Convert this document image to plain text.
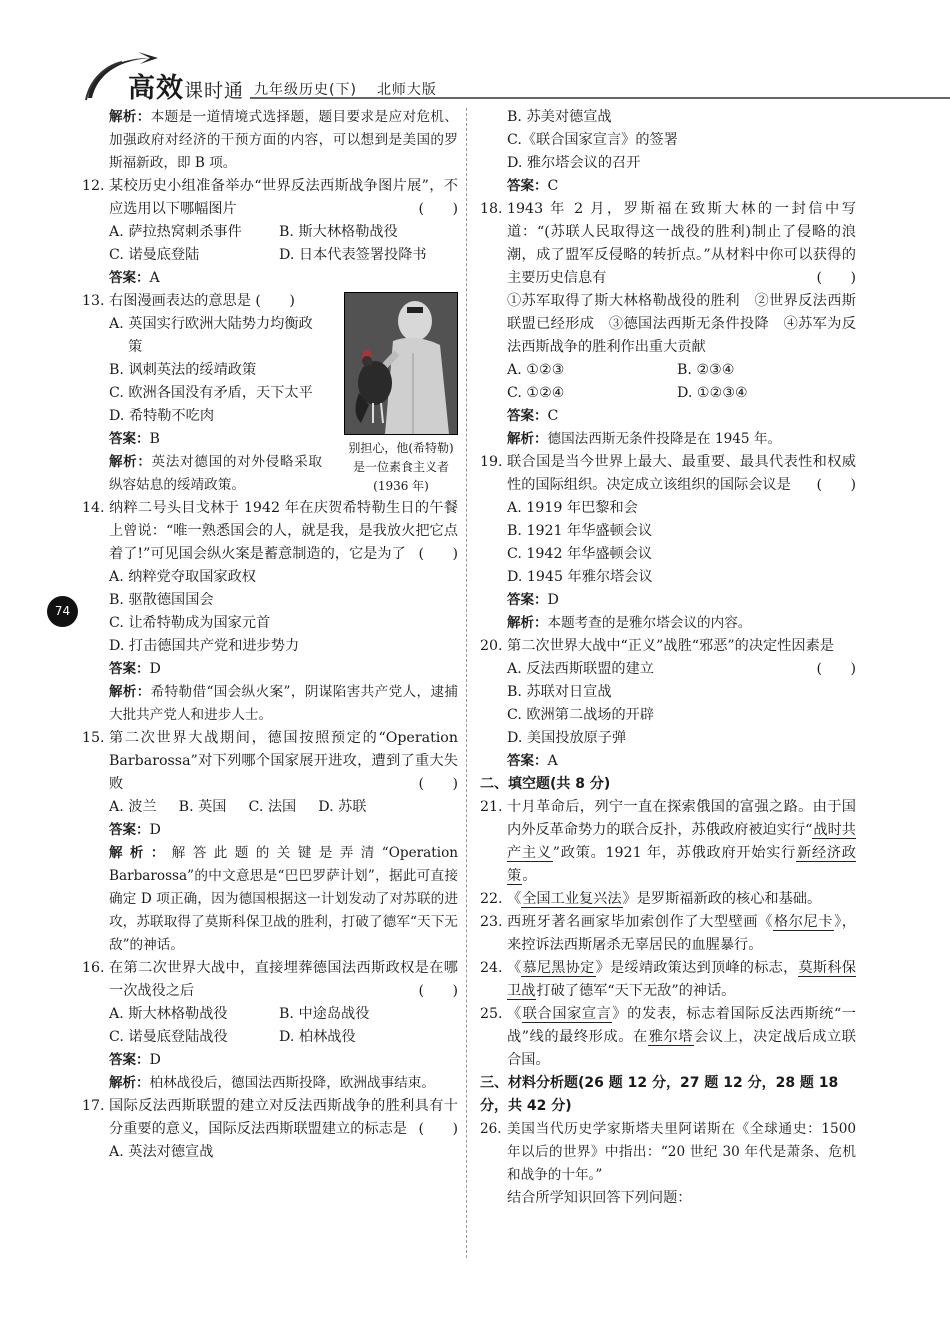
高效课时通 九年级历史(下) 北师大版
74
解析：本题是一道情境式选择题，题目要求是应对危机、加强政府对经济的干预方面的内容，可以想到是美国的罗斯福新政，即 B 项。
12. 某校历史小组准备举办“世界反法西斯战争图片展”，不应选用以下哪幅图片	(　　)
A. 萨拉热窝刺杀事件	B. 斯大林格勒战役
C. 诺曼底登陆	D. 日本代表签署投降书
答案：A
13. 右图漫画表达的意思是 (　　)
A. 英国实行欧洲大陆势力均衡政策
B. 讽刺英法的绥靖政策
C. 欧洲各国没有矛盾，天下太平
D. 希特勒不吃肉
答案：B
解析：英法对德国的对外侵略采取纵容姑息的绥靖政策。
14. 纳粹二号头目戈林于 1942 年在庆贺希特勒生日的午餐上曾说：“唯一熟悉国会的人，就是我，是我放火把它点着了!”可见国会纵火案是蓄意制造的，它是为了 (　　)
A. 纳粹党夺取国家政权
B. 驱散德国国会
C. 让希特勒成为国家元首
D. 打击德国共产党和进步势力
答案：D
解析：希特勒借“国会纵火案”，阴谋陷害共产党人，逮捕大批共产党人和进步人士。
15. 第二次世界大战期间，德国按照预定的“Operation Barbarossa”对下列哪个国家展开进攻，遭到了重大失败	(　　)
A. 波兰 B. 英国 C. 法国 D. 苏联
答案：D
解析：解答此题的关键是弄清“Operation Barbarossa”的中文意思是“巴巴罗萨计划”，据此可直接确定 D 项正确，因为德国根据这一计划发动了对苏联的进攻，苏联取得了莫斯科保卫战的胜利，打破了德军“天下无敌”的神话。
16. 在第二次世界大战中，直接埋葬德国法西斯政权是在哪一次战役之后	(　　)
A. 斯大林格勒战役	B. 中途岛战役
C. 诺曼底登陆战役	D. 柏林战役
答案：D
解析：柏林战役后，德国法西斯投降，欧洲战事结束。
17. 国际反法西斯联盟的建立对反法西斯战争的胜利具有十分重要的意义，国际反法西斯联盟建立的标志是 (　　)
A. 英法对德宣战
别担心，他(希特勒)是一位素食主义者(1936 年)
B. 苏美对德宣战
C.《联合国家宣言》的签署
D. 雅尔塔会议的召开
答案：C
18. 1943 年 2 月，罗斯福在致斯大林的一封信中写道：“(苏联人民取得这一战役的胜利)制止了侵略的浪潮，成了盟军反侵略的转折点。”从材料中你可以获得的主要历史信息有	(　　)
①苏军取得了斯大林格勒战役的胜利　②世界反法西斯联盟已经形成　③德国法西斯无条件投降　④苏军为反法西斯战争的胜利作出重大贡献
A. ①②③	B. ②③④
C. ①②④	D. ①②③④
答案：C
解析：德国法西斯无条件投降是在 1945 年。
19. 联合国是当今世界上最大、最重要、最具代表性和权威性的国际组织。决定成立该组织的国际会议是 (　　)
A. 1919 年巴黎和会
B. 1921 年华盛顿会议
C. 1942 年华盛顿会议
D. 1945 年雅尔塔会议
答案：D
解析：本题考查的是雅尔塔会议的内容。
20. 第二次世界大战中“正义”战胜“邪恶”的决定性因素是
(　　)
A. 反法西斯联盟的建立
B. 苏联对日宣战
C. 欧洲第二战场的开辟
D. 美国投放原子弹
答案：A
二、填空题(共 8 分)
21. 十月革命后，列宁一直在探索俄国的富强之路。由于国内外反革命势力的联合反扑，苏俄政府被迫实行“战时共产主义”政策。1921 年，苏俄政府开始实行新经济政策。
22. 《全国工业复兴法》是罗斯福新政的核心和基础。
23. 西班牙著名画家毕加索创作了大型壁画《格尔尼卡》，来控诉法西斯屠杀无辜居民的血腥暴行。
24. 《慕尼黑协定》是绥靖政策达到顶峰的标志，莫斯科保卫战打破了德军“天下无敌”的神话。
25. 《联合国家宣言》的发表，标志着国际反法西斯统“一战”线的最终形成。在雅尔塔会议上，决定战后成立联合国。
三、材料分析题(26 题 12 分，27 题 12 分，28 题 18 分，共 42 分)
26. 美国当代历史学家斯塔夫里阿诺斯在《全球通史：1500 年以后的世界》中指出：“20 世纪 30 年代是萧条、危机和战争的十年。”
结合所学知识回答下列问题：
